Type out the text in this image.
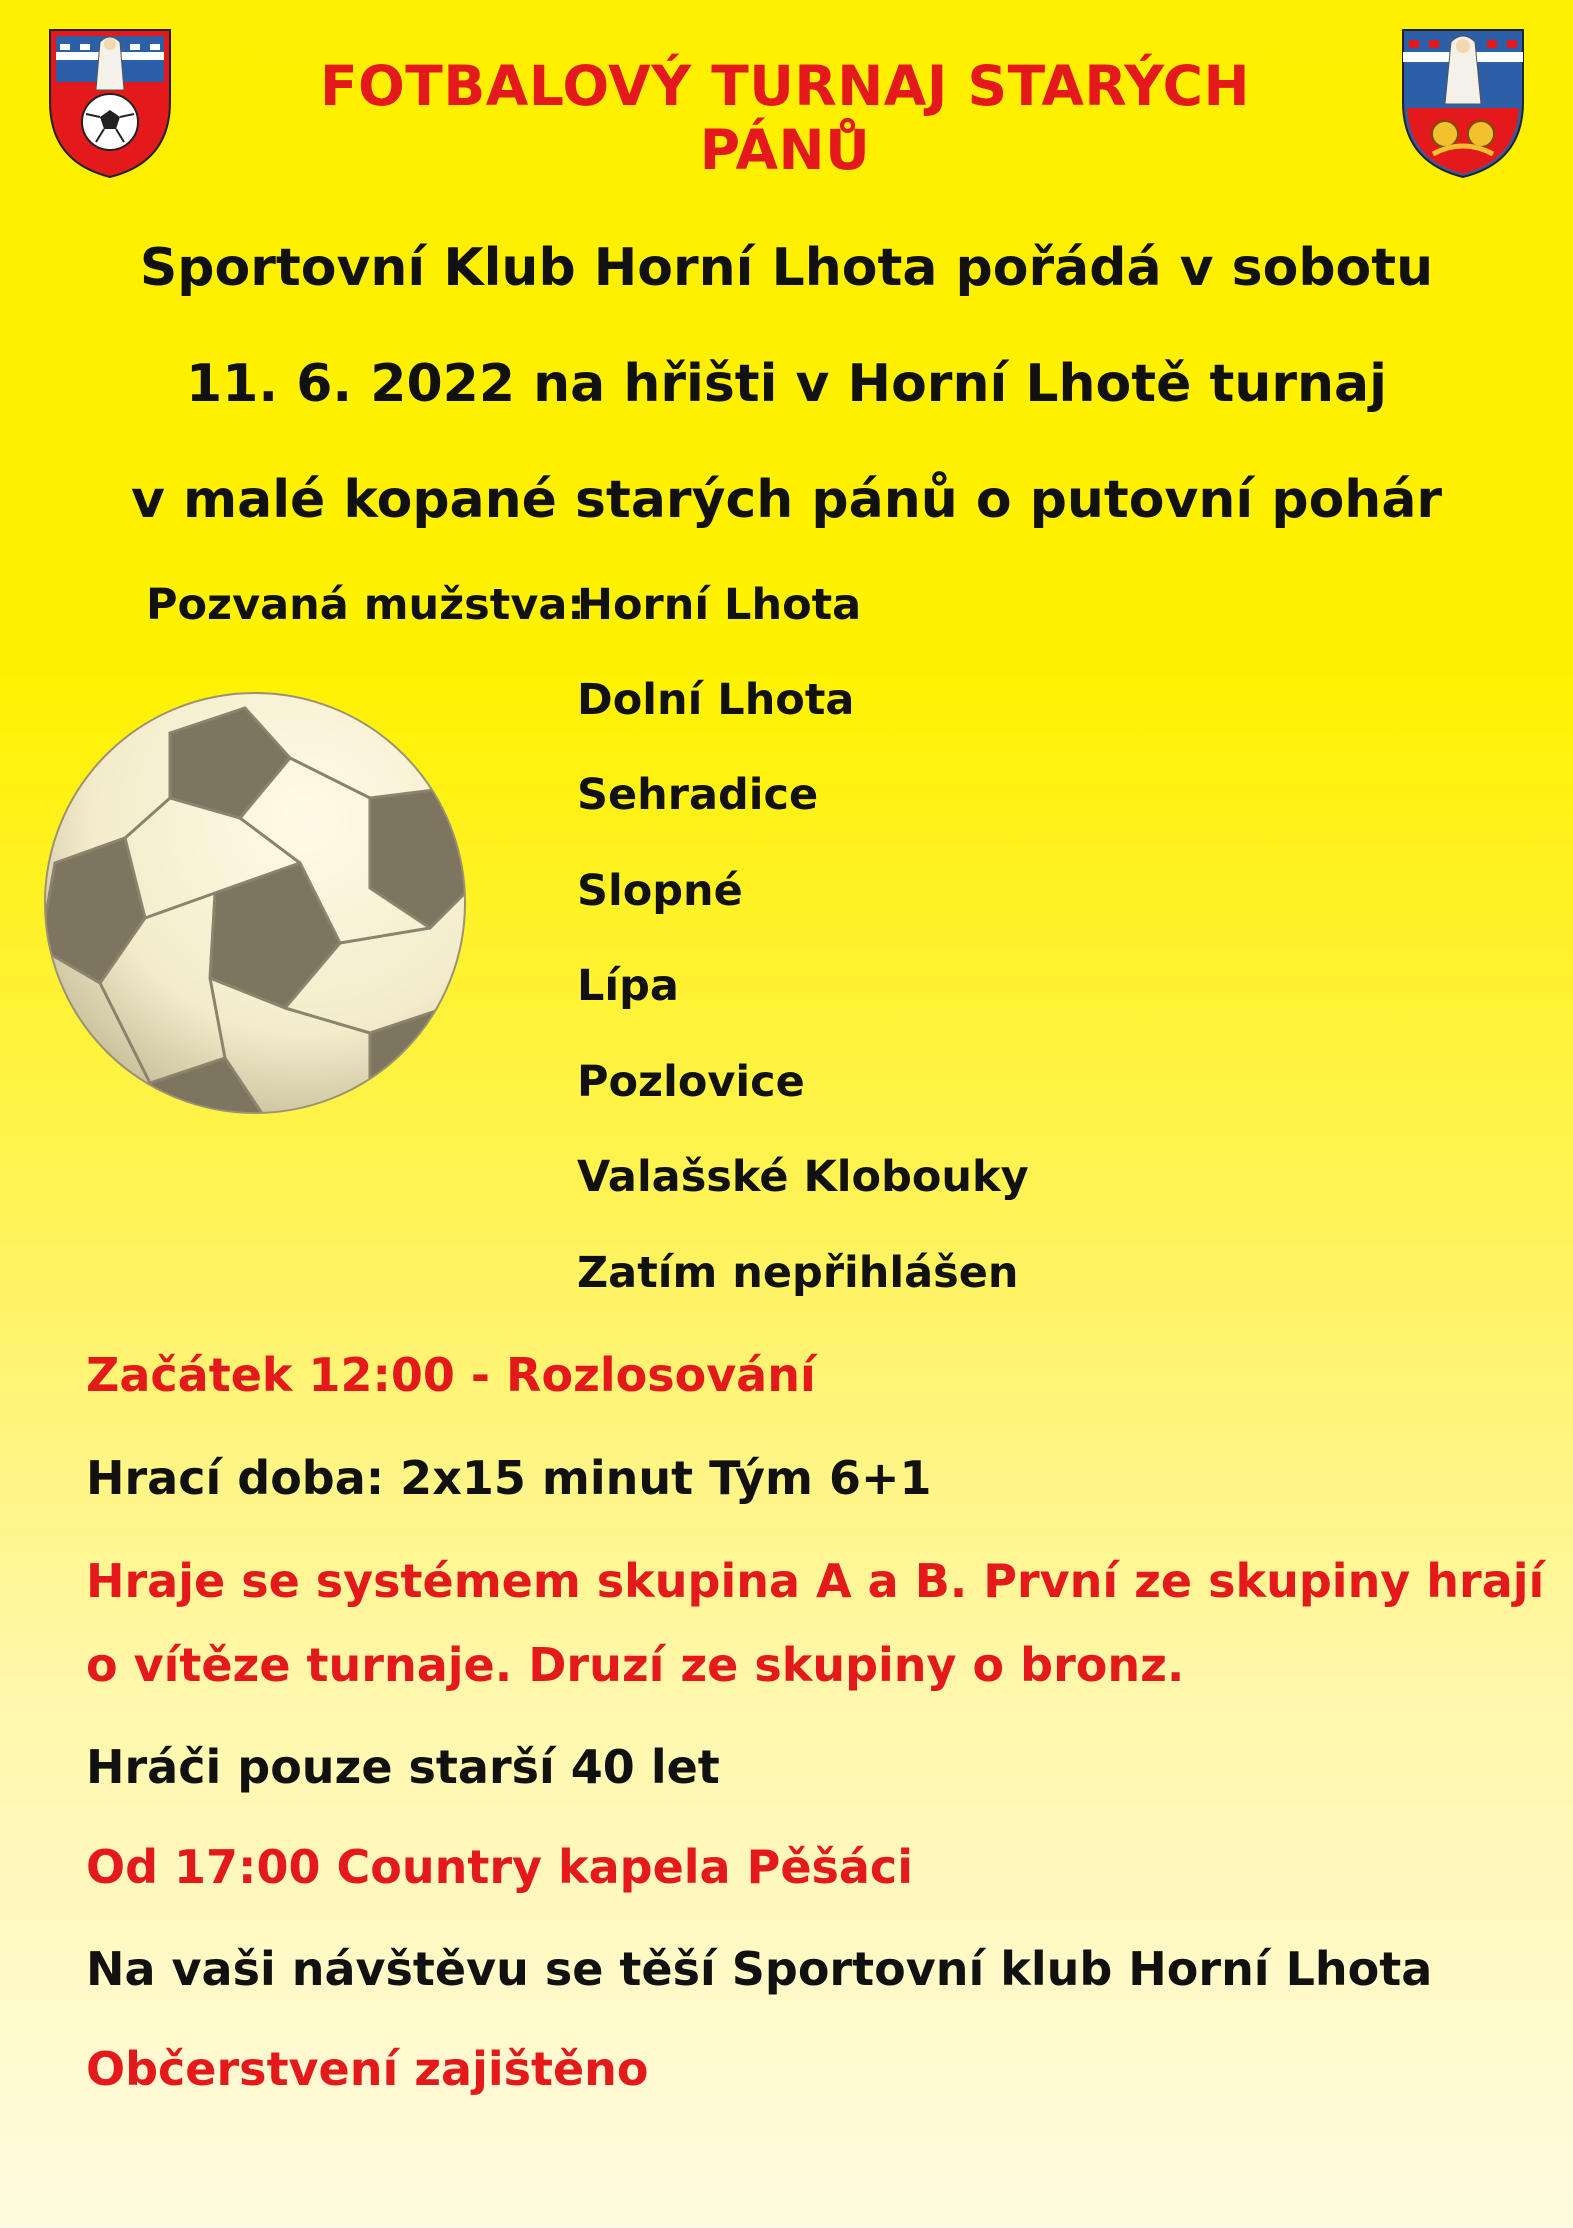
FOTBALOVÝ TURNAJ STARÝCH PÁNŮ

Sportovní Klub Horní Lhota pořádá v sobotu

11. 6. 2022 na hřišti v Horní Lhotě turnaj

v malé kopané starých pánů o putovní pohár

Pozvaná mužstva:

Horní Lhota

Dolní Lhota

Sehradice

Slopné

Lípa

Pozlovice

Valašské Klobouky

Zatím nepřihlášen

Začátek 12:00 - Rozlosování

Hrací doba: 2x15 minut Tým 6+1

Hraje se systémem skupina A a B. První ze skupiny hrají

o vítěze turnaje. Druzí ze skupiny o bronz.

Hráči pouze starší 40 let

Od 17:00 Country kapela Pěšáci

Na vaši návštěvu se těší Sportovní klub Horní Lhota

Občerstvení zajištěno
